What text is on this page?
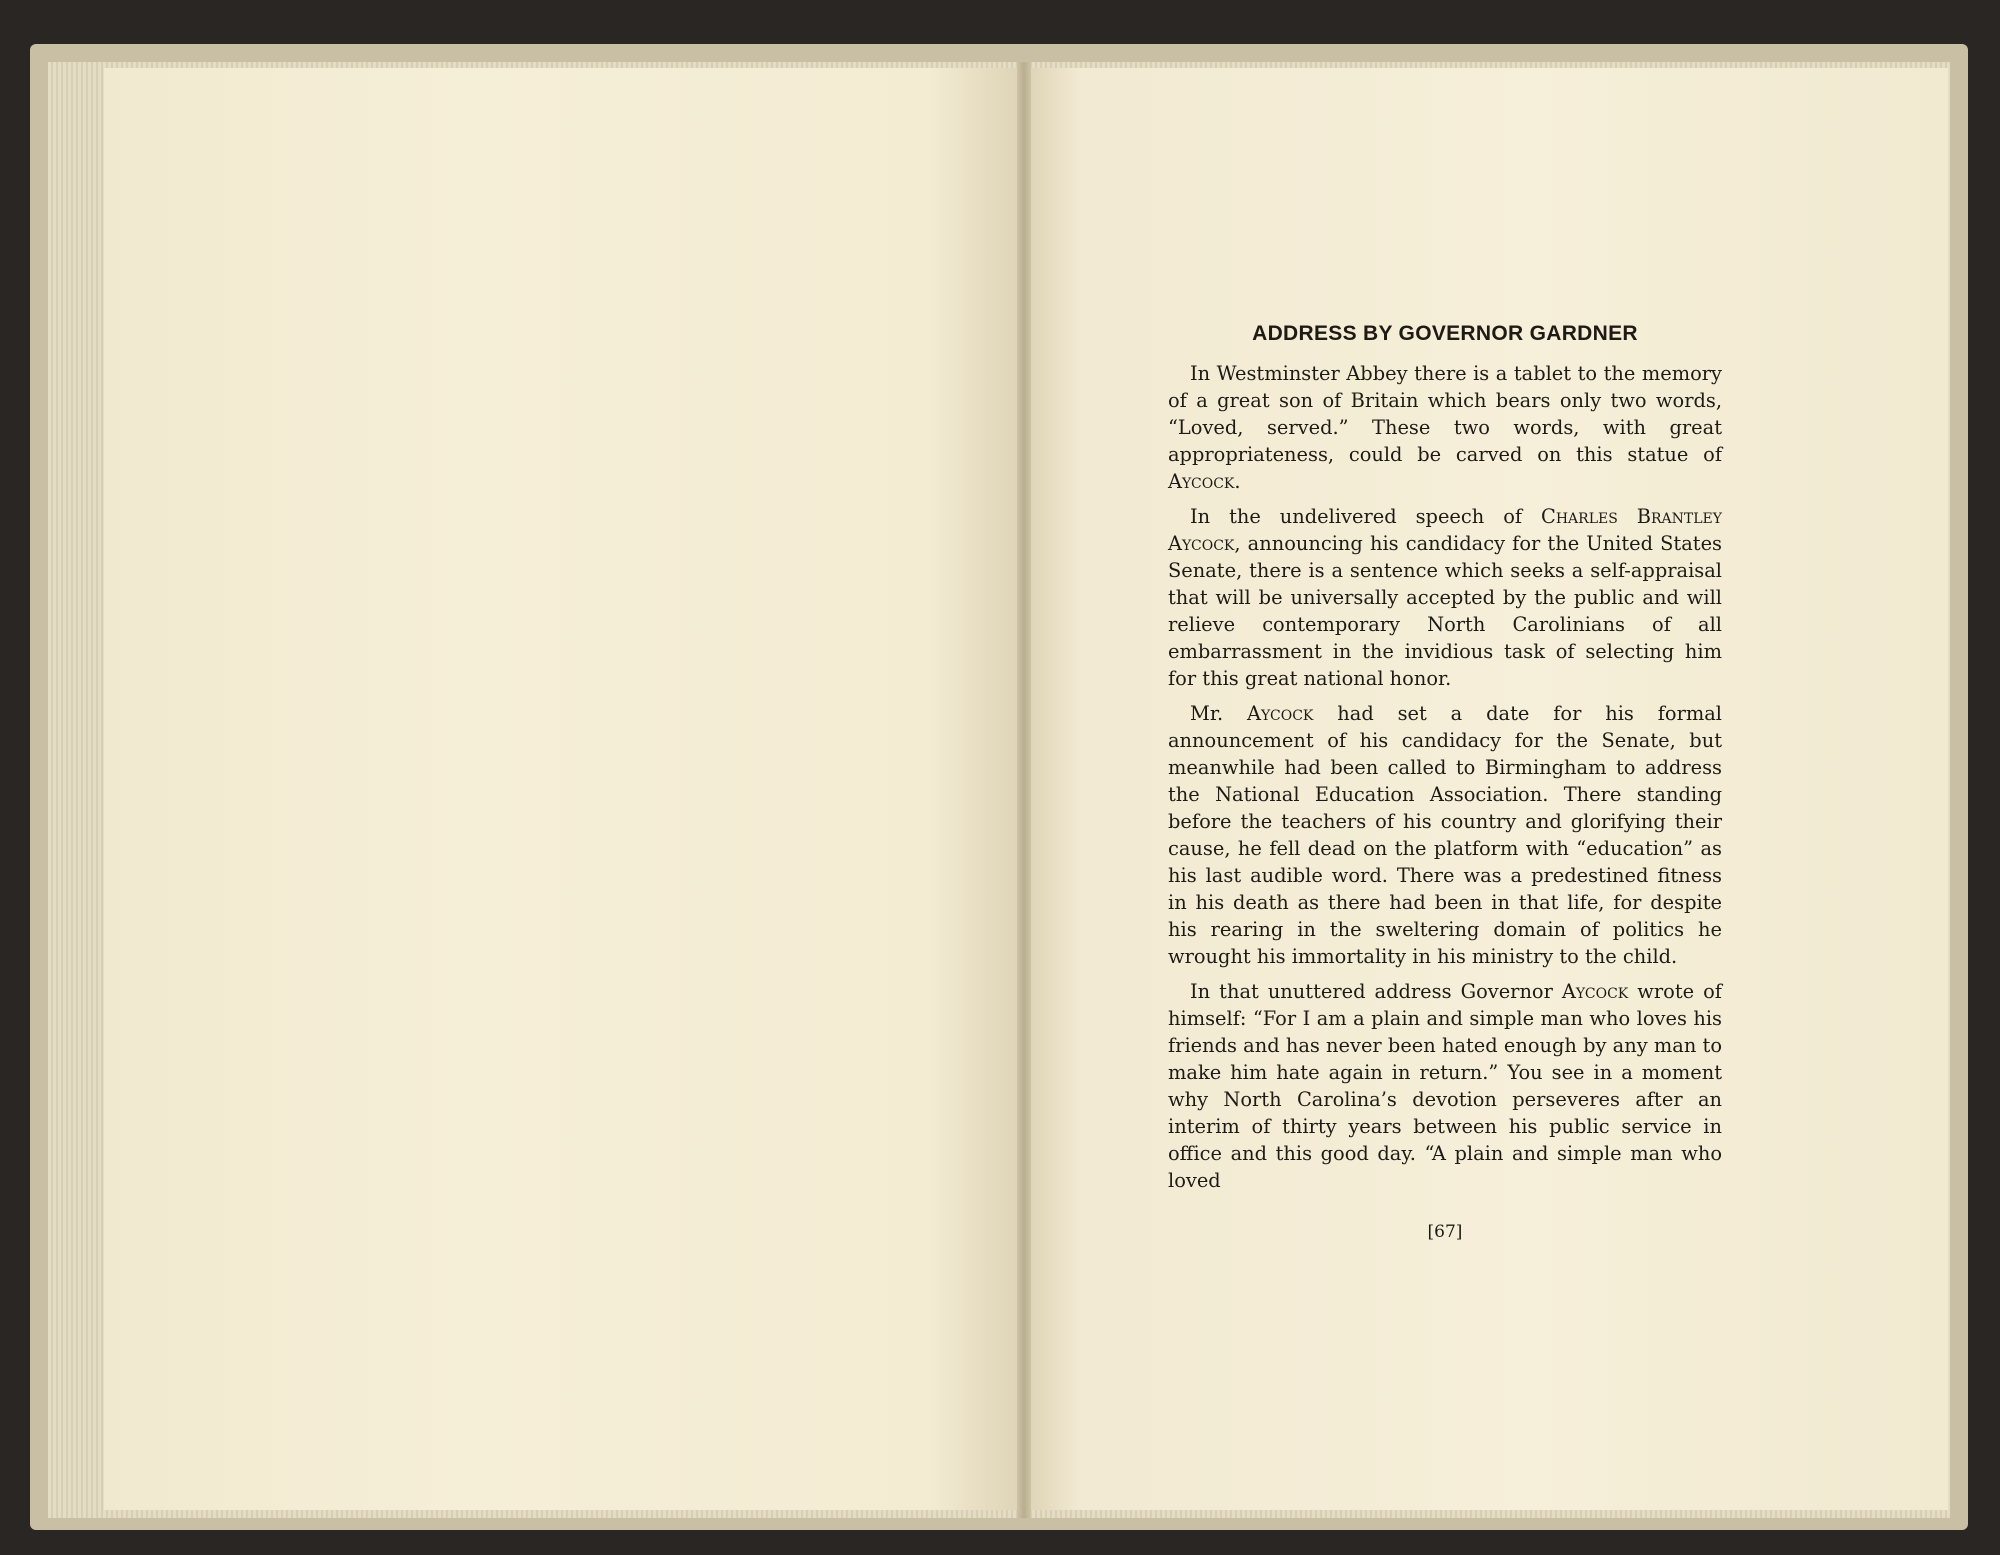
ADDRESS BY GOVERNOR GARDNER

In Westminster Abbey there is a tablet to the memory of a great son of Britain which bears only two words, “Loved, served.” These two words, with great appropriateness, could be carved on this statue of Aycock.

In the undelivered speech of Charles Brantley Aycock, announcing his candidacy for the United States Senate, there is a sentence which seeks a self-appraisal that will be universally accepted by the public and will relieve contemporary North Carolinians of all embarrassment in the invidious task of selecting him for this great national honor.

Mr. Aycock had set a date for his formal announcement of his candidacy for the Senate, but meanwhile had been called to Birmingham to address the National Education Association. There standing before the teachers of his country and glorifying their cause, he fell dead on the platform with “education” as his last audible word. There was a predestined fitness in his death as there had been in that life, for despite his rearing in the sweltering domain of politics he wrought his immortality in his ministry to the child.

In that unuttered address Governor Aycock wrote of himself: “For I am a plain and simple man who loves his friends and has never been hated enough by any man to make him hate again in return.” You see in a moment why North Carolina’s devotion perseveres after an interim of thirty years between his public service in office and this good day. “A plain and simple man who loved

[67]
